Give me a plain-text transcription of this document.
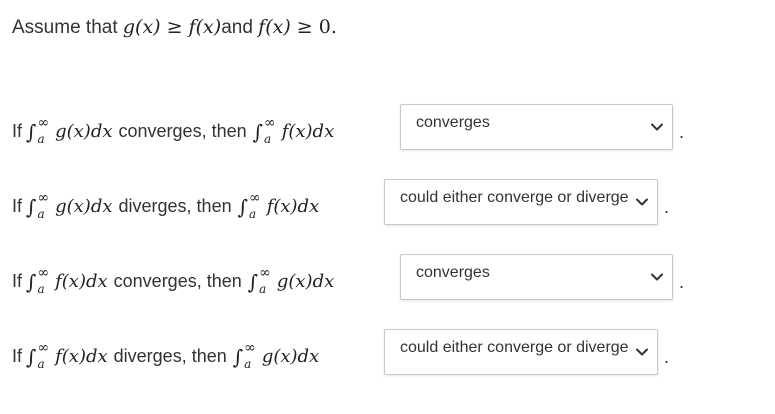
Assume that g(x) ≥ f(x)and f(x) ≥ 0.
If ∫ ∞
a g(x)dx converges, then ∫ ∞
a f(x)dx	converges	.
If ∫ ∞
a g(x)dx diverges, then ∫ ∞
a f(x)dx	could either converge or diverge .
If ∫ ∞
a f(x)dx converges, then ∫ ∞
a g(x)dx	converges	.
If ∫ ∞
a f(x)dx diverges, then ∫ ∞
a g(x)dx	could either converge or diverge .
